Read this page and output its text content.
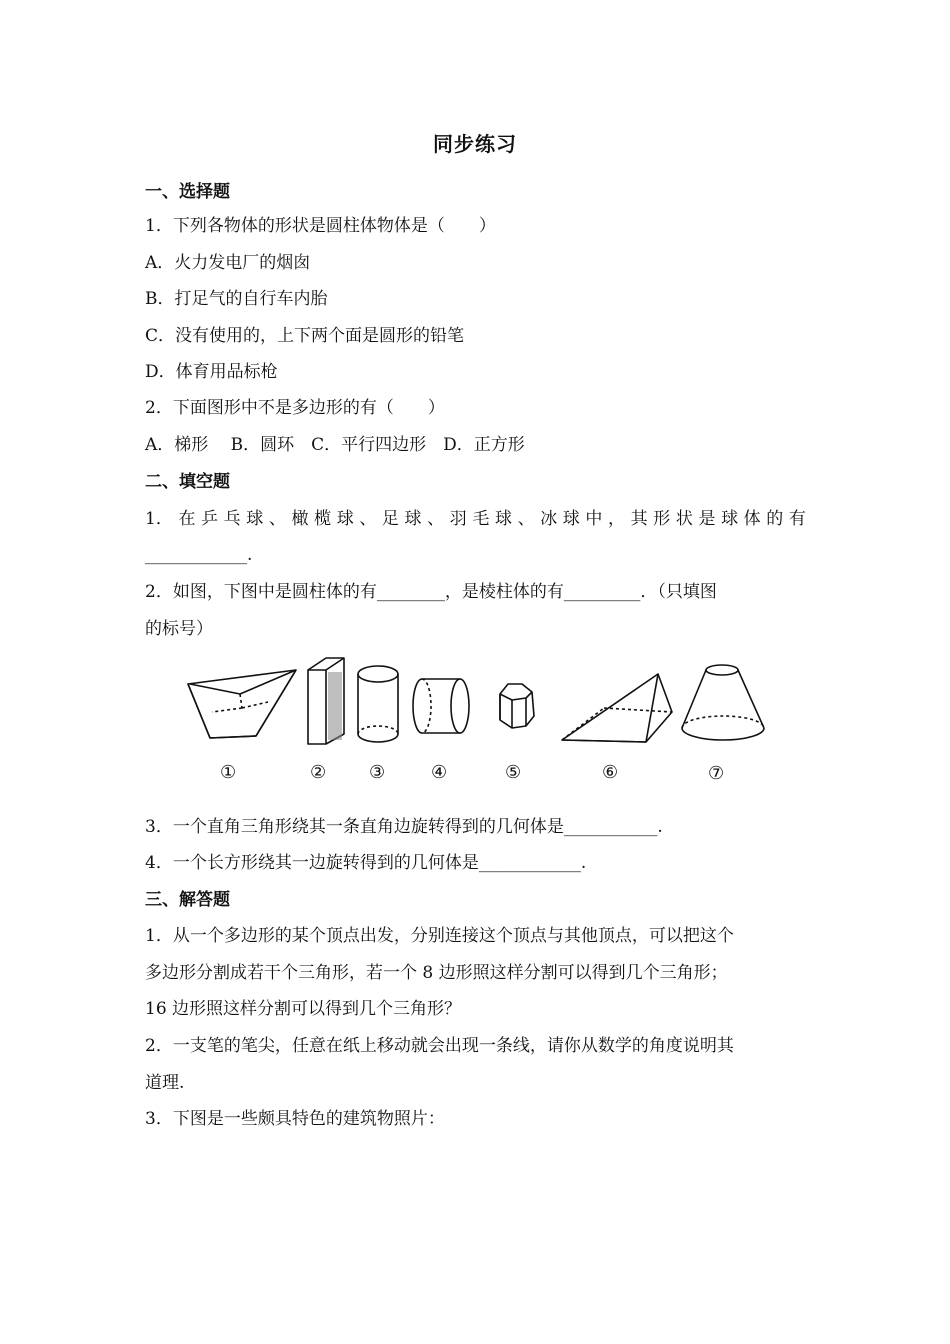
同步练习
一、选择题
1．下列各物体的形状是圆柱体物体是（　　）
A．火力发电厂的烟囱
B．打足气的自行车内胎
C．没有使用的，上下两个面是圆形的铅笔
D．体育用品标枪
2．下面图形中不是多边形的有（　　）
A．梯形　 B．圆环　C．平行四边形　D．正方形
二、填空题
1． 在 乒 乓 球 、 橄 榄 球 、 足 球 、 羽 毛 球 、 冰 球 中 ， 其 形 状 是 球 体 的 有
____________.
2．如图，下图中是圆柱体的有________，是棱柱体的有_________．（只填图
的标号）
①	② ③	④	⑤	⑥	⑦
3．一个直角三角形绕其一条直角边旋转得到的几何体是___________.
4．一个长方形绕其一边旋转得到的几何体是____________.
三、解答题
1．从一个多边形的某个顶点出发，分别连接这个顶点与其他顶点，可以把这个
多边形分割成若干个三角形，若一个 8 边形照这样分割可以得到几个三角形；
16 边形照这样分割可以得到几个三角形？
2．一支笔的笔尖，任意在纸上移动就会出现一条线，请你从数学的角度说明其
道理.
3．下图是一些颇具特色的建筑物照片：
